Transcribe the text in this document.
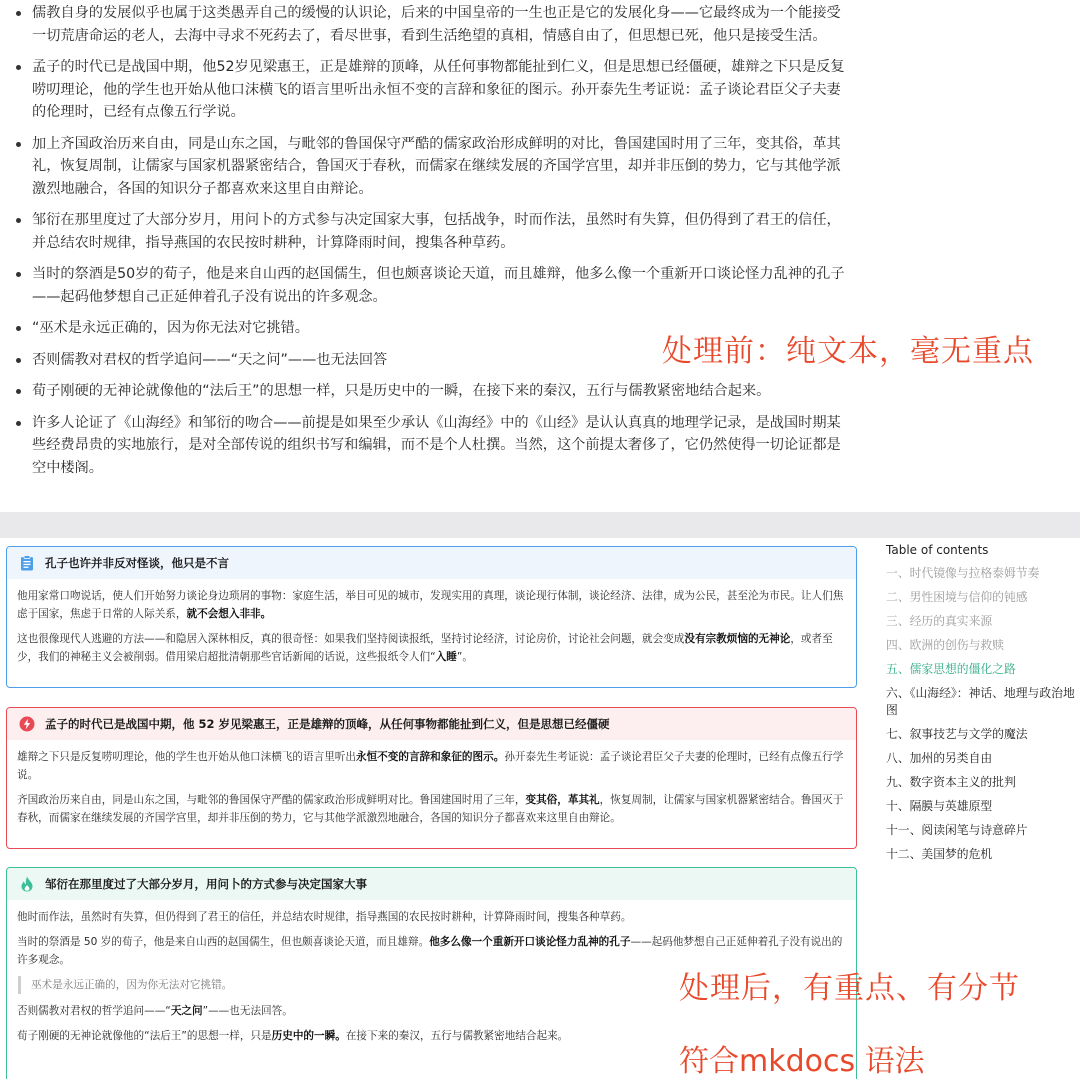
儒教自身的发展似乎也属于这类愚弄自己的缓慢的认识论，后来的中国皇帝的一生也正是它的发展化身——它最终成为一个能接受一切荒唐命运的老人，去海中寻求不死药去了，看尽世事，看到生活绝望的真相，情感自由了，但思想已死，他只是接受生活。
孟子的时代已是战国中期，他52岁见梁惠王，正是雄辩的顶峰，从任何事物都能扯到仁义，但是思想已经僵硬，雄辩之下只是反复唠叨理论，他的学生也开始从他口沫横飞的语言里听出永恒不变的言辞和象征的图示。孙开泰先生考证说：孟子谈论君臣父子夫妻的伦理时，已经有点像五行学说。
加上齐国政治历来自由，同是山东之国，与毗邻的鲁国保守严酷的儒家政治形成鲜明的对比，鲁国建国时用了三年，变其俗，革其礼，恢复周制，让儒家与国家机器紧密结合，鲁国灭于春秋，而儒家在继续发展的齐国学宫里，却并非压倒的势力，它与其他学派激烈地融合，各国的知识分子都喜欢来这里自由辩论。
邹衍在那里度过了大部分岁月，用问卜的方式参与决定国家大事，包括战争，时而作法，虽然时有失算，但仍得到了君王的信任，并总结农时规律，指导燕国的农民按时耕种，计算降雨时间，搜集各种草药。
当时的祭酒是50岁的荀子，他是来自山西的赵国儒生，但也颇喜谈论天道，而且雄辩，他多么像一个重新开口谈论怪力乱神的孔子——起码他梦想自己正延伸着孔子没有说出的许多观念。
“巫术是永远正确的，因为你无法对它挑错。
否则儒教对君权的哲学追问——“天之问”——也无法回答
荀子刚硬的无神论就像他的“法后王”的思想一样，只是历史中的一瞬，在接下来的秦汉，五行与儒教紧密地结合起来。
许多人论证了《山海经》和邹衍的吻合——前提是如果至少承认《山海经》中的《山经》是认认真真的地理学记录，是战国时期某些经费昂贵的实地旅行，是对全部传说的组织书写和编辑，而不是个人杜撰。当然，这个前提太奢侈了，它仍然使得一切论证都是空中楼阁。
处理前：纯文本，毫无重点
孔子也许并非反对怪谈，他只是不言

他用家常口吻说话，使人们开始努力谈论身边琐屑的事物：家庭生活，举目可见的城市，发现实用的真理，谈论现行体制，谈论经济、法律，成为公民，甚至沦为市民。让人们焦虑于国家，焦虑于日常的人际关系，就不会想入非非。

这也很像现代人逃避的方法——和隐居入深林相反，真的很奇怪：如果我们坚持阅读报纸，坚持讨论经济，讨论房价，讨论社会问题，就会变成没有宗教烦恼的无神论，或者至少，我们的神秘主义会被削弱。借用梁启超批清朝那些官话新闻的话说，这些报纸令人们“入睡”。

孟子的时代已是战国中期，他 52 岁见梁惠王，正是雄辩的顶峰，从任何事物都能扯到仁义，但是思想已经僵硬

雄辩之下只是反复唠叨理论，他的学生也开始从他口沫横飞的语言里听出永恒不变的言辞和象征的图示。孙开泰先生考证说：孟子谈论君臣父子夫妻的伦理时，已经有点像五行学说。

齐国政治历来自由，同是山东之国，与毗邻的鲁国保守严酷的儒家政治形成鲜明对比。鲁国建国时用了三年，变其俗，革其礼，恢复周制，让儒家与国家机器紧密结合。鲁国灭于春秋，而儒家在继续发展的齐国学宫里，却并非压倒的势力，它与其他学派激烈地融合，各国的知识分子都喜欢来这里自由辩论。

邹衍在那里度过了大部分岁月，用问卜的方式参与决定国家大事

他时而作法，虽然时有失算，但仍得到了君王的信任，并总结农时规律，指导燕国的农民按时耕种，计算降雨时间，搜集各种草药。

当时的祭酒是 50 岁的荀子，他是来自山西的赵国儒生，但也颇喜谈论天道，而且雄辩。他多么像一个重新开口谈论怪力乱神的孔子——起码他梦想自己正延伸着孔子没有说出的许多观念。

巫术是永远正确的，因为你无法对它挑错。

否则儒教对君权的哲学追问——“天之问”——也无法回答。

荀子刚硬的无神论就像他的“法后王”的思想一样，只是历史中的一瞬。在接下来的秦汉，五行与儒教紧密地结合起来。

Table of contents
一、时代镜像与拉格泰姆节奏
二、男性困境与信仰的钝感
三、经历的真实来源
四、欧洲的创伤与救赎
五、儒家思想的僵化之路
六、《山海经》：神话、地理与政治地图
七、叙事技艺与文学的魔法
八、加州的另类自由
九、数字资本主义的批判
十、隔膜与英雄原型
十一、阅读闲笔与诗意碎片
十二、美国梦的危机
处理后，有重点、有分节
符合mkdocs 语法
